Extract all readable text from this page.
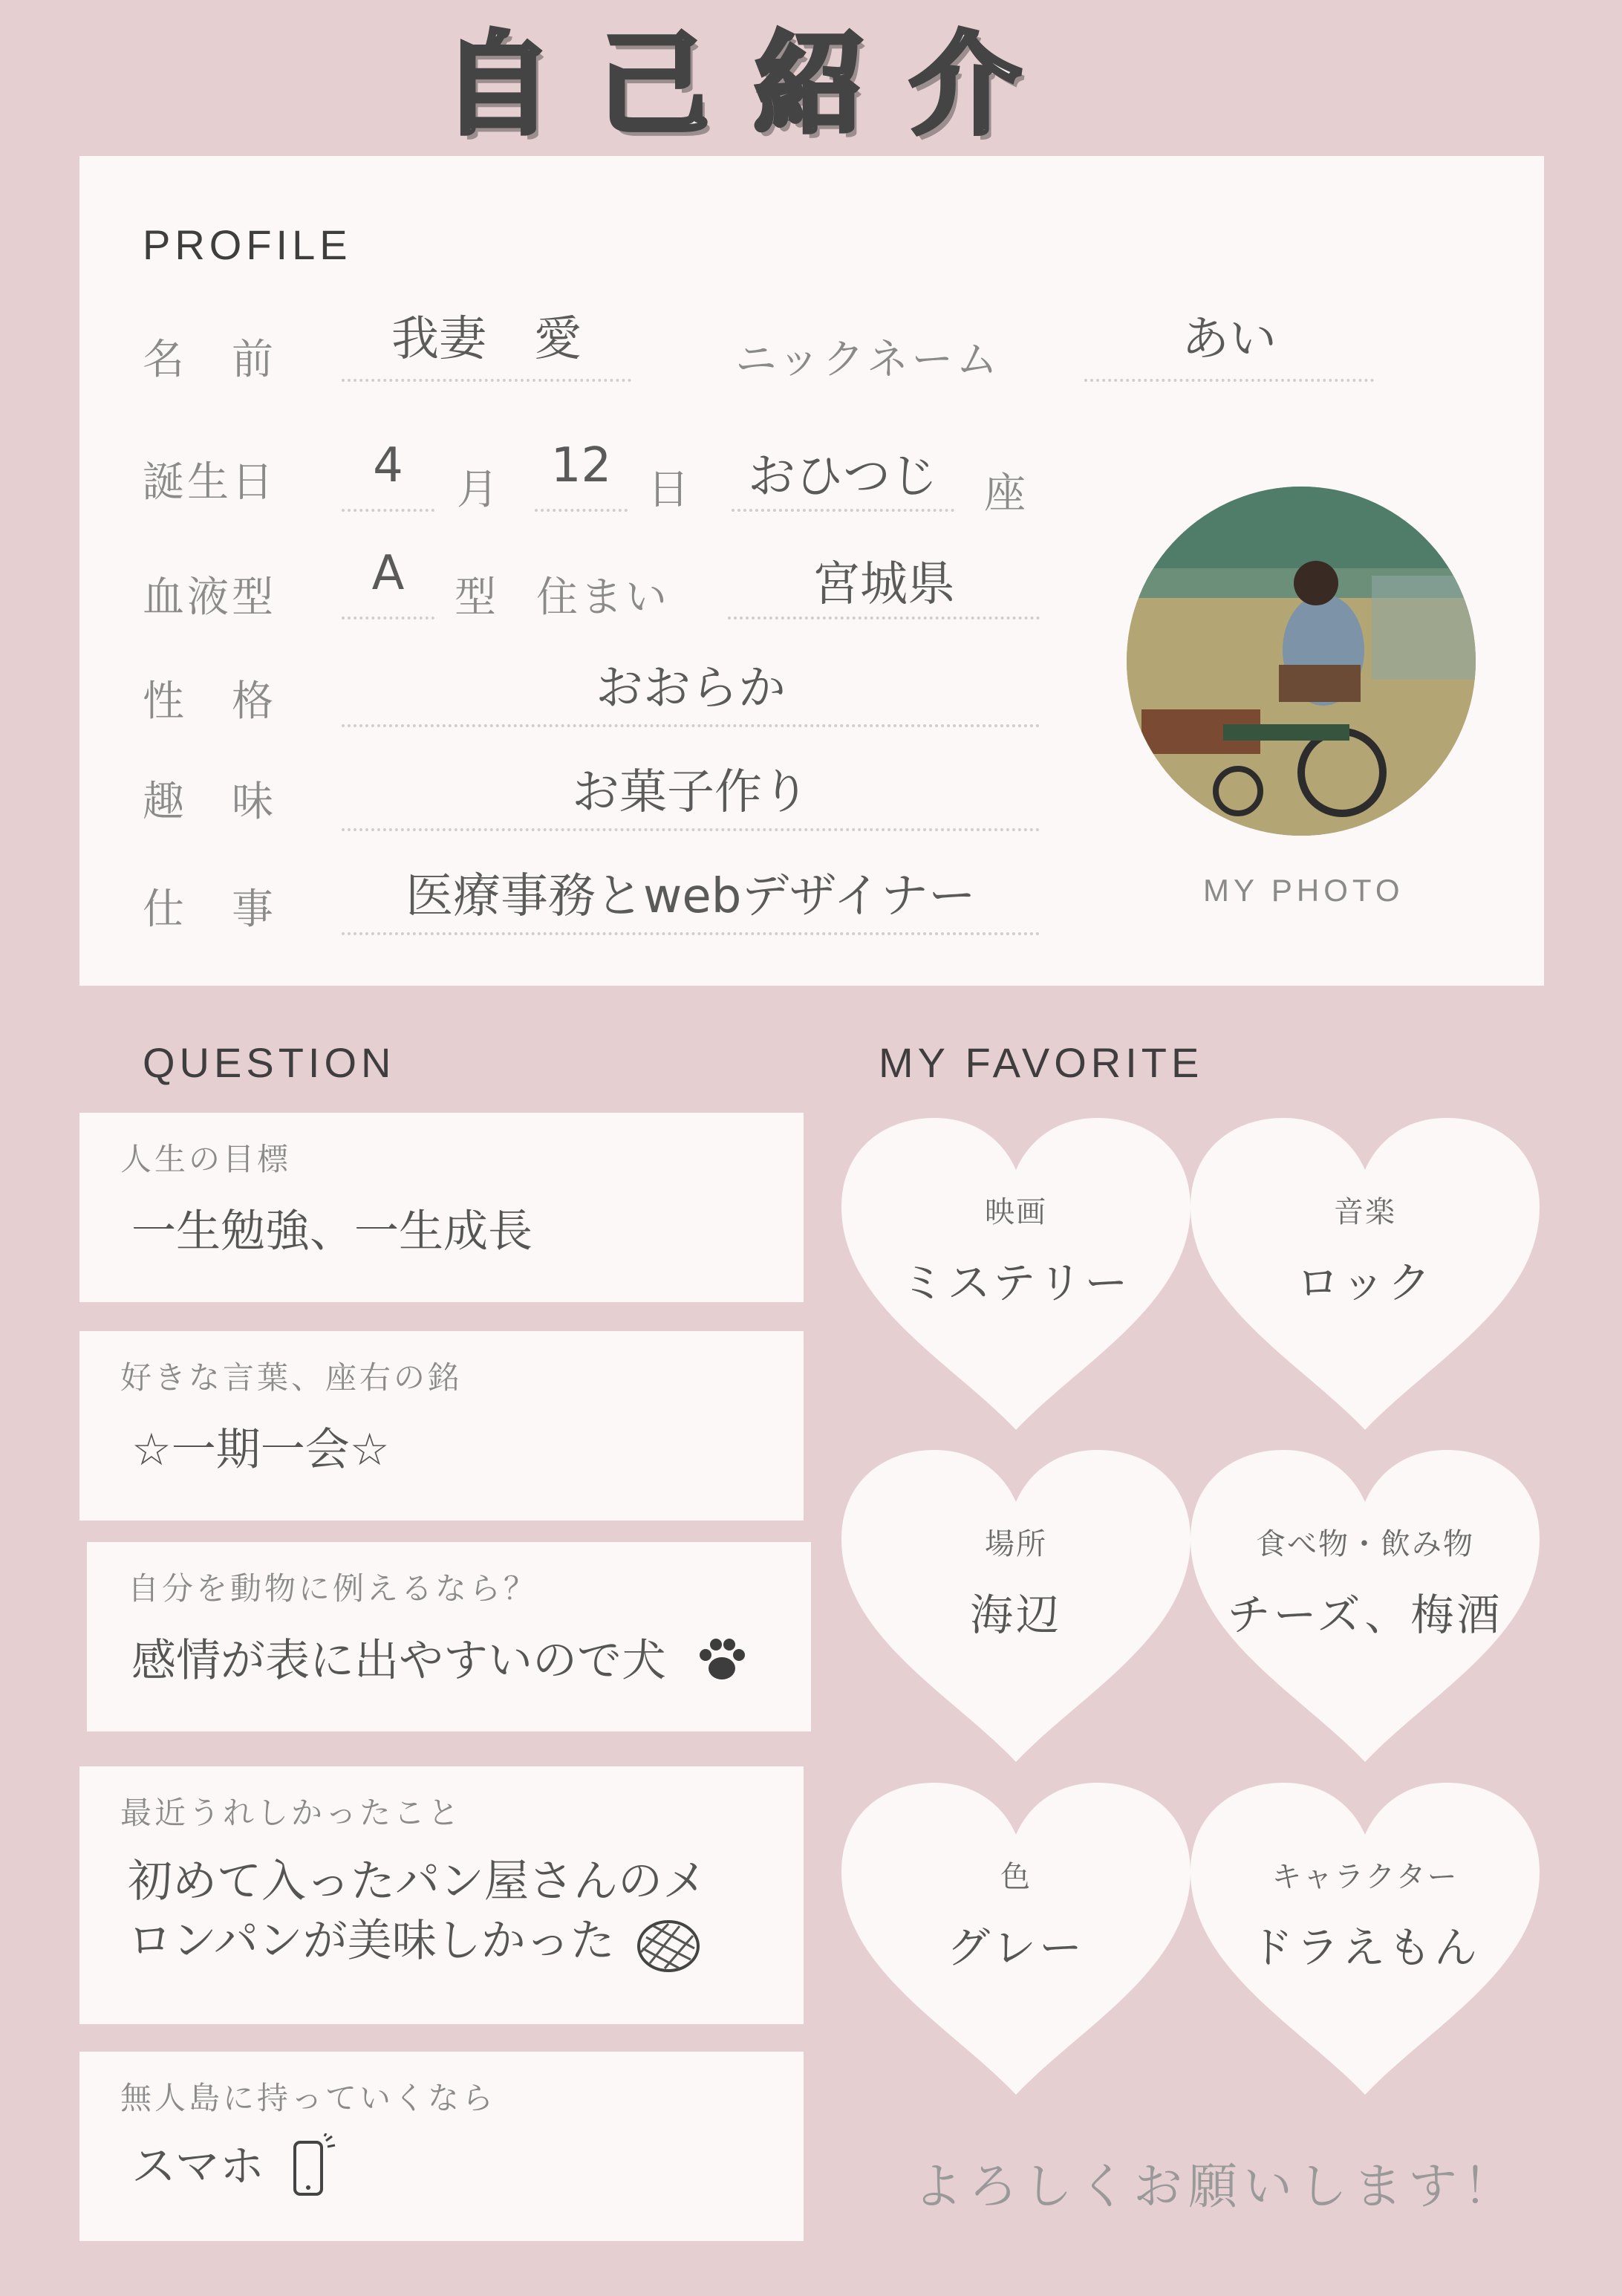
自己紹介
PROFILE
名　前	我妻　愛	ニックネーム	あい
誕生日	4	月	12 日	おひつじ	座
血液型	A	型 住まい	宮城県
性　格	おおらか
趣　味	お菓子作り
仕　事	医療事務とwebデザイナー	MY PHOTO
QUESTION
人生の目標
一生勉強、一生成長
好きな言葉、座右の銘
☆一期一会☆
自分を動物に例えるなら？
感情が表に出やすいので犬
最近うれしかったこと
初めて入ったパン屋さんのメ
ロンパンが美味しかった
無人島に持っていくなら
スマホ
MY FAVORITE
映画
ミステリー
音楽
ロック
場所
海辺
食べ物・飲み物
チーズ、梅酒
色
グレー
キャラクター
ドラえもん
よろしくお願いします！
